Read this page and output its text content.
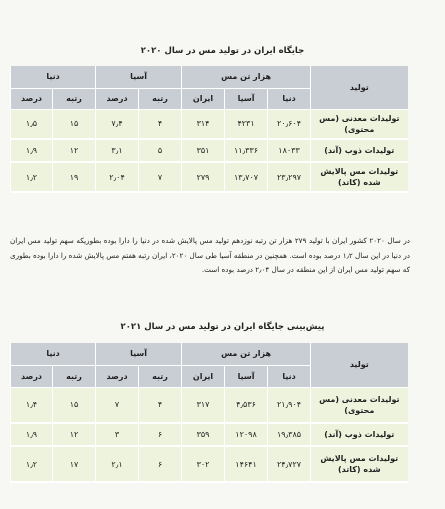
جایگاه ایران در تولید مس در سال ۲۰۲۰
تولید	هزار تن مس			آسیا		دنیا	
	دنیا	آسیا	ایران	رتبه	درصد	رتبه	درصد
تولیدات معدنی (مس محتوی)	۲۰٫۶۰۴	۴۲۳۱	۳۱۴	۴	۷٫۴	۱۵	۱٫۵
تولیدات ذوب (آند)	۱۸۰۳۳	۱۱٫۳۳۶	۳۵۱	۵	۳٫۱	۱۲	۱٫۹
تولیدات مس پالایش شده (کاتد)	۲۳٫۲۹۷	۱۳٫۷۰۷	۲۷۹	۷	۲٫۰۴	۱۹	۱٫۲
در سال ۲۰۲۰ کشور ایران با تولید ۲۷۹ هزار تن رتبه نوزدهم تولید مس پالایش شده در دنیا را دارا بوده بطوریکه سهم تولید مس ایران در دنیا در این سال ۱٫۲ درصد بوده است. همچنین در منطقه آسیا طی سال ۲۰۲۰، ایران رتبه هفتم مس پالایش شده را دارا بوده بطوری که سهم تولید مس ایران از این منطقه در سال ۲٫۰۴ درصد بوده است.
پیش‌بینی جایگاه ایران در تولید مس در سال ۲۰۲۱
تولید	هزار تن مس			آسیا		دنیا	
	دنیا	آسیا	ایران	رتبه	درصد	رتبه	درصد
تولیدات معدنی (مس محتوی)	۲۱٫۹۰۴	۴٫۵۳۶	۳۱۷	۴	۷	۱۵	۱٫۴
تولیدات ذوب (آند)	۱۹٫۳۸۵	۱۲۰۹۸	۳۵۹	۶	۳	۱۲	۱٫۹
تولیدات مس پالایش شده (کاتد)	۲۴٫۷۲۷	۱۴۶۴۱	۳۰۲	۶	۲٫۱	۱۷	۱٫۲
